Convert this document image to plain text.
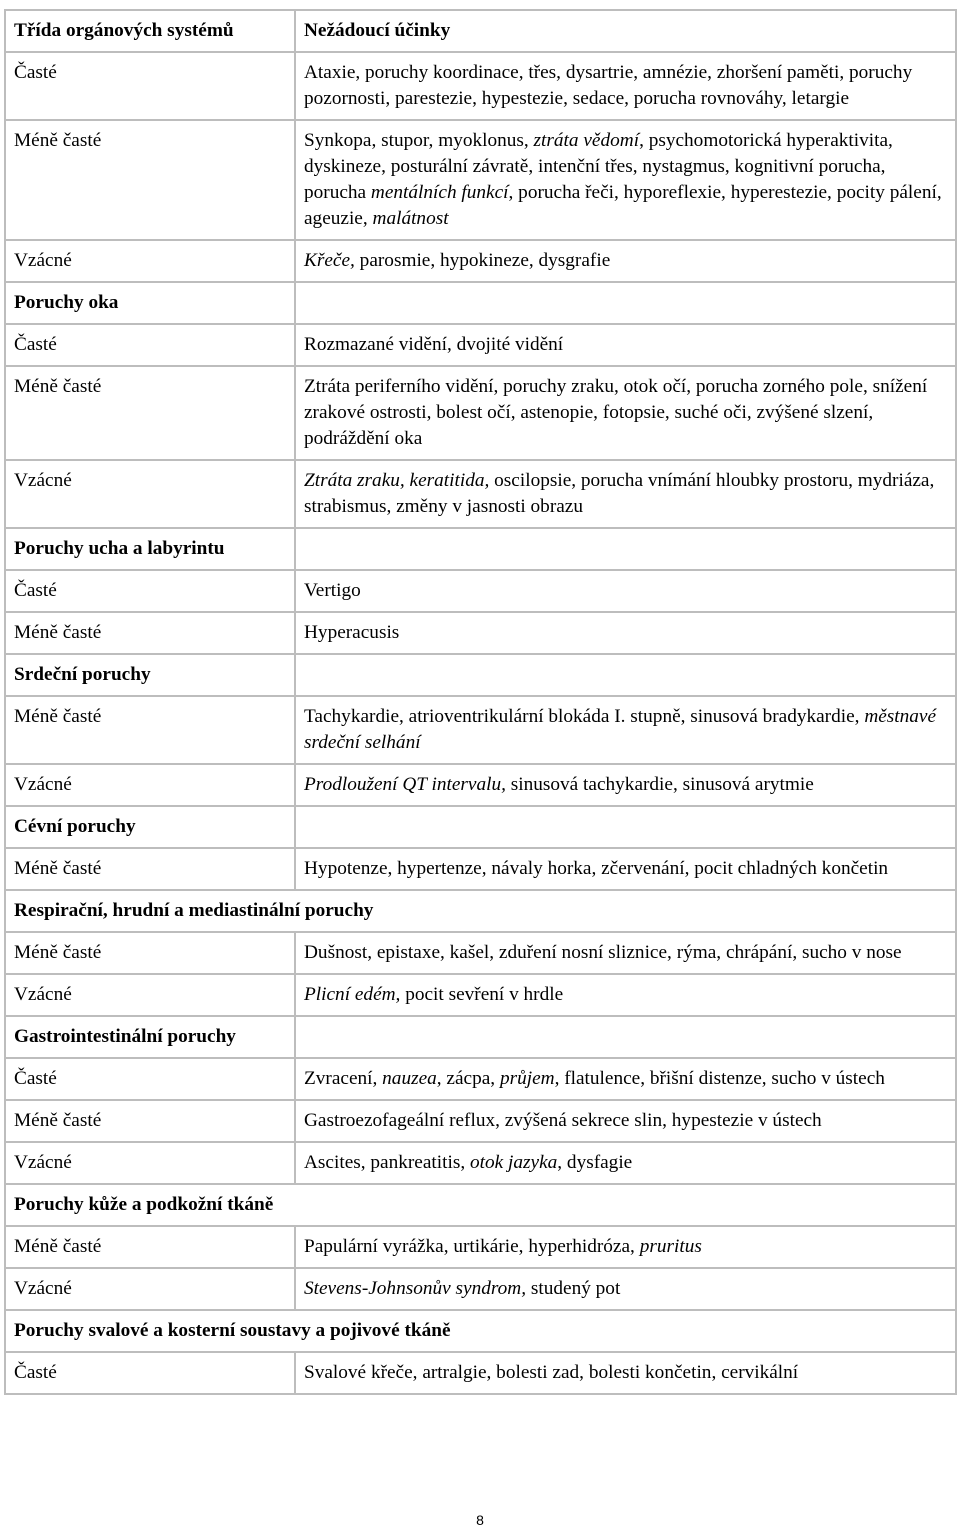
Třída orgánových systémů	Nežádoucí účinky
Časté	Ataxie, poruchy koordinace, třes, dysartrie, amnézie, zhoršení paměti, poruchy pozornosti, parestezie, hypestezie, sedace, porucha rovnováhy, letargie
Méně časté	Synkopa, stupor, myoklonus, ztráta vědomí, psychomotorická hyperaktivita, dyskineze, posturální závratě, intenční třes, nystagmus, kognitivní porucha, porucha mentálních funkcí, porucha řeči, hyporeflexie, hyperestezie, pocity pálení, ageuzie, malátnost
Vzácné	Křeče, parosmie, hypokineze, dysgrafie
Poruchy oka	
Časté	Rozmazané vidění, dvojité vidění
Méně časté	Ztráta periferního vidění, poruchy zraku, otok očí, porucha zorného pole, snížení zrakové ostrosti, bolest očí, astenopie, fotopsie, suché oči, zvýšené slzení, podráždění oka
Vzácné	Ztráta zraku, keratitida, oscilopsie, porucha vnímání hloubky prostoru, mydriáza, strabismus, změny v jasnosti obrazu
Poruchy ucha a labyrintu	
Časté	Vertigo
Méně časté	Hyperacusis
Srdeční poruchy	
Méně časté	Tachykardie, atrioventrikulární blokáda I. stupně, sinusová bradykardie, městnavé srdeční selhání
Vzácné	Prodloužení QT intervalu, sinusová tachykardie, sinusová arytmie
Cévní poruchy	
Méně časté	Hypotenze, hypertenze, návaly horka, zčervenání, pocit chladných končetin
Respirační, hrudní a mediastinální poruchy	
Méně časté	Dušnost, epistaxe, kašel, zduření nosní sliznice, rýma, chrápání, sucho v nose
Vzácné	Plicní edém, pocit sevření v hrdle
Gastrointestinální poruchy	
Časté	Zvracení, nauzea, zácpa, průjem, flatulence, břišní distenze, sucho v ústech
Méně časté	Gastroezofageální reflux, zvýšená sekrece slin, hypestezie v ústech
Vzácné	Ascites, pankreatitis, otok jazyka, dysfagie
Poruchy kůže a podkožní tkáně	
Méně časté	Papulární vyrážka, urtikárie, hyperhidróza, pruritus
Vzácné	Stevens-Johnsonův syndrom, studený pot
Poruchy svalové a kosterní soustavy a pojivové tkáně	
Časté	Svalové křeče, artralgie, bolesti zad, bolesti končetin, cervikální
8
